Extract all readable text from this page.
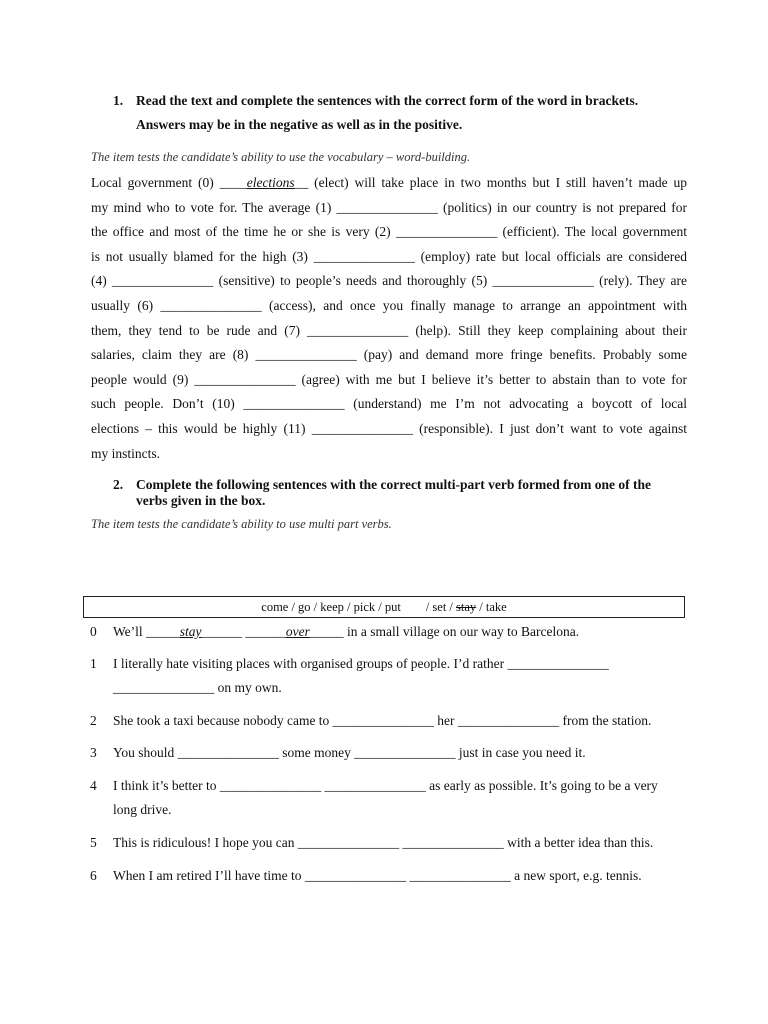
1. Read the text and complete the sentences with the correct form of the word in brackets.
Answers may be in the negative as well as in the positive.
The item tests the candidate’s ability to use the vocabulary – word-building.
Local government (0) ____elections__ (elect) will take place in two months but I still haven’t made up
my mind who to vote for. The average (1) _______________ (politics) in our country is not prepared for
the office and most of the time he or she is very (2) _______________ (efficient). The local government
is not usually blamed for the high (3) _______________ (employ) rate but local officials are considered
(4) _______________ (sensitive) to people’s needs and thoroughly (5) _______________ (rely). They are
usually (6) _______________ (access), and once you finally manage to arrange an appointment with
them, they tend to be rude and (7) _______________ (help). Still they keep complaining about their
salaries, claim they are (8) _______________ (pay) and demand more fringe benefits. Probably some
people would (9) _______________ (agree) with me but I believe it’s better to abstain than to vote for
such people. Don’t (10) _______________ (understand) me I’m not advocating a boycott of local
elections – this would be highly (11) _______________ (responsible). I just don’t want to vote against
my instincts.
2. Complete the following sentences with the correct multi-part verb formed from one of the
verbs given in the box.
The item tests the candidate’s ability to use multi part verbs.
come / go / keep / pick / put        / set / stay / take
0	We’ll _____stay______ ______over_____ in a small village on our way to Barcelona.
1	I literally hate visiting places with organised groups of people. I’d rather _______________
_______________ on my own.
2	She took a taxi because nobody came to _______________ her _______________ from the station.
3	You should _______________ some money _______________ just in case you need it.
4	I think it’s better to _______________ _______________ as early as possible. It’s going to be a very
long drive.
5	This is ridiculous! I hope you can _______________ _______________ with a better idea than this.
6	When I am retired I’ll have time to _______________ _______________ a new sport, e.g. tennis.
